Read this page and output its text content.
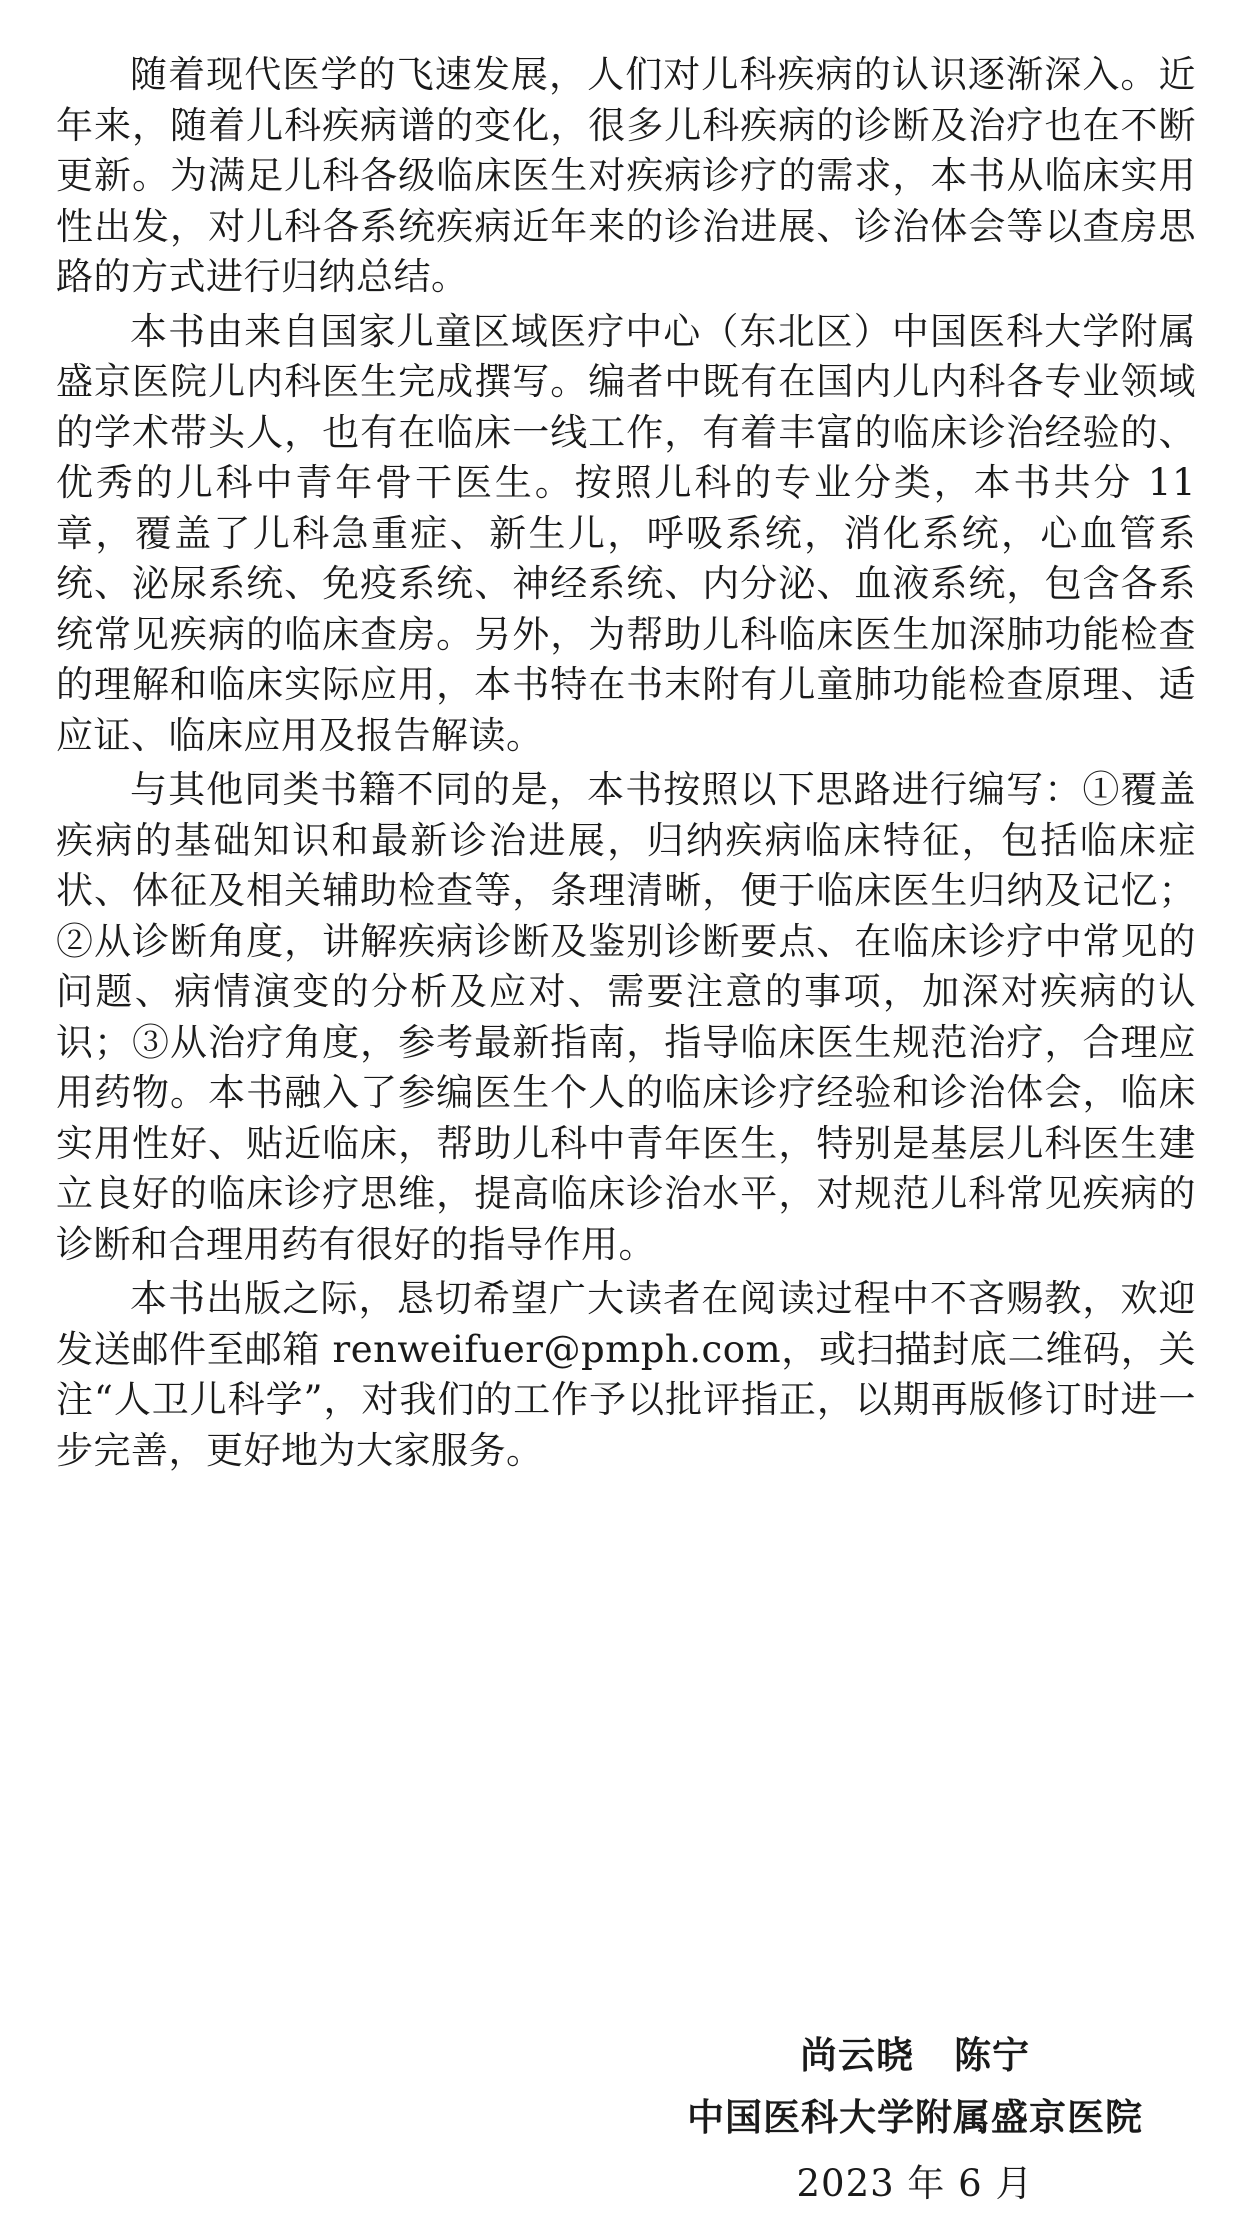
随着现代医学的飞速发展，人们对儿科疾病的认识逐渐深入。近年来，随着儿科疾病谱的变化，很多儿科疾病的诊断及治疗也在不断更新。为满足儿科各级临床医生对疾病诊疗的需求，本书从临床实用性出发，对儿科各系统疾病近年来的诊治进展、诊治体会等以查房思路的方式进行归纳总结。

本书由来自国家儿童区域医疗中心（东北区）中国医科大学附属盛京医院儿内科医生完成撰写。编者中既有在国内儿内科各专业领域的学术带头人，也有在临床一线工作，有着丰富的临床诊治经验的、优秀的儿科中青年骨干医生。按照儿科的专业分类，本书共分 11 章，覆盖了儿科急重症、新生儿，呼吸系统，消化系统，心血管系统、泌尿系统、免疫系统、神经系统、内分泌、血液系统，包含各系统常见疾病的临床查房。另外，为帮助儿科临床医生加深肺功能检查的理解和临床实际应用，本书特在书末附有儿童肺功能检查原理、适应证、临床应用及报告解读。

与其他同类书籍不同的是，本书按照以下思路进行编写：①覆盖疾病的基础知识和最新诊治进展，归纳疾病临床特征，包括临床症状、体征及相关辅助检查等，条理清晰，便于临床医生归纳及记忆；②从诊断角度，讲解疾病诊断及鉴别诊断要点、在临床诊疗中常见的问题、病情演变的分析及应对、需要注意的事项，加深对疾病的认识；③从治疗角度，参考最新指南，指导临床医生规范治疗，合理应用药物。本书融入了参编医生个人的临床诊疗经验和诊治体会，临床实用性好、贴近临床，帮助儿科中青年医生，特别是基层儿科医生建立良好的临床诊疗思维，提高临床诊治水平，对规范儿科常见疾病的诊断和合理用药有很好的指导作用。

本书出版之际，恳切希望广大读者在阅读过程中不吝赐教，欢迎发送邮件至邮箱 renweifuer@pmph.com，或扫描封底二维码，关注“人卫儿科学”，对我们的工作予以批评指正，以期再版修订时进一步完善，更好地为大家服务。

尚云晓 陈宁
中国医科大学附属盛京医院
2023 年 6 月
